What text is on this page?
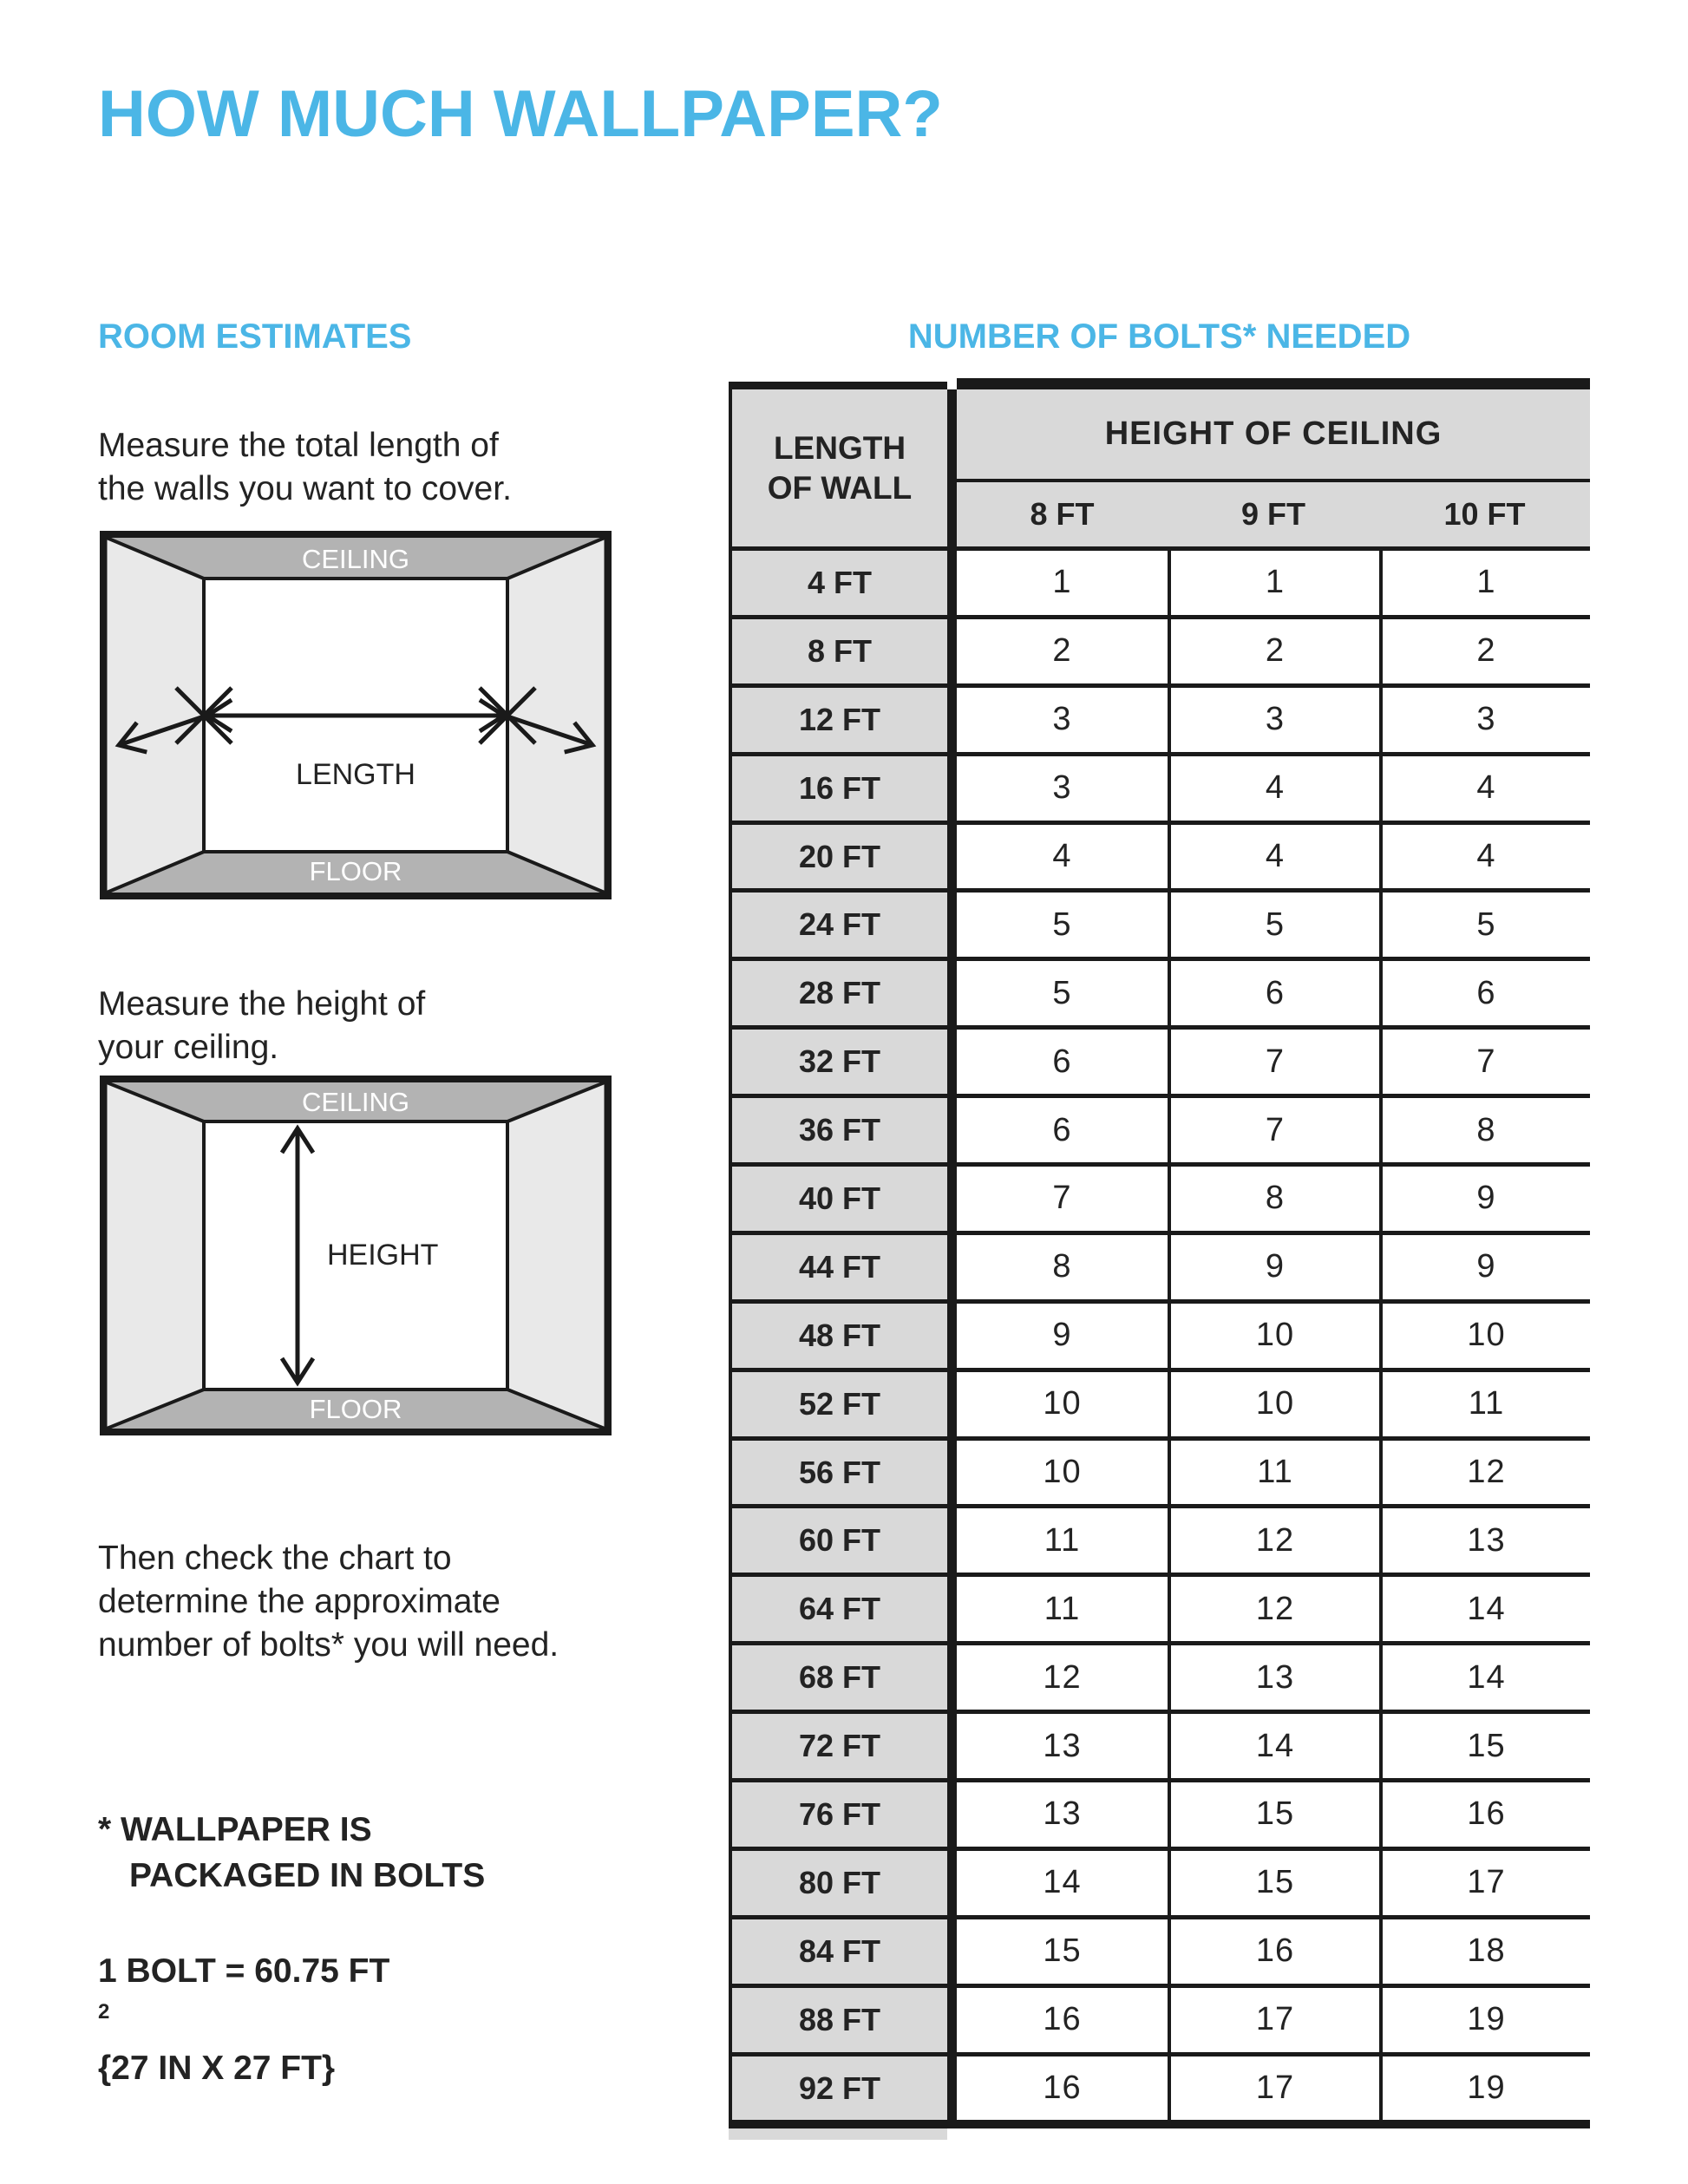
HOW MUCH WALLPAPER?
ROOM ESTIMATES

Measure the total length of
the walls you want to cover.

CEILING
FLOOR
LENGTH

Measure the height of
your ceiling.

CEILING
FLOOR
HEIGHT

Then check the chart to
determine the approximate
number of bolts* you will need.

* WALLPAPER IS
PACKAGED IN BOLTS

1 BOLT = 60.75 FT
$^2$
{27 IN X 27 FT}

NUMBER OF BOLTS* NEEDED
LENGTH
OF WALL
HEIGHT OF CEILING
8 FT	9 FT	10 FT
4 FT	1	1	1
8 FT	2	2	2
12 FT	3	3	3
16 FT	3	4	4
20 FT	4	4	4
24 FT	5	5	5
28 FT	5	6	6
32 FT	6	7	7
36 FT	6	7	8
40 FT	7	8	9
44 FT	8	9	9
48 FT	9	10	10
52 FT	10	10	11
56 FT	10	11	12
60 FT	11	12	13
64 FT	11	12	14
68 FT	12	13	14
72 FT	13	14	15
76 FT	13	15	16
80 FT	14	15	17
84 FT	15	16	18
88 FT	16	17	19
92 FT	16	17	19
